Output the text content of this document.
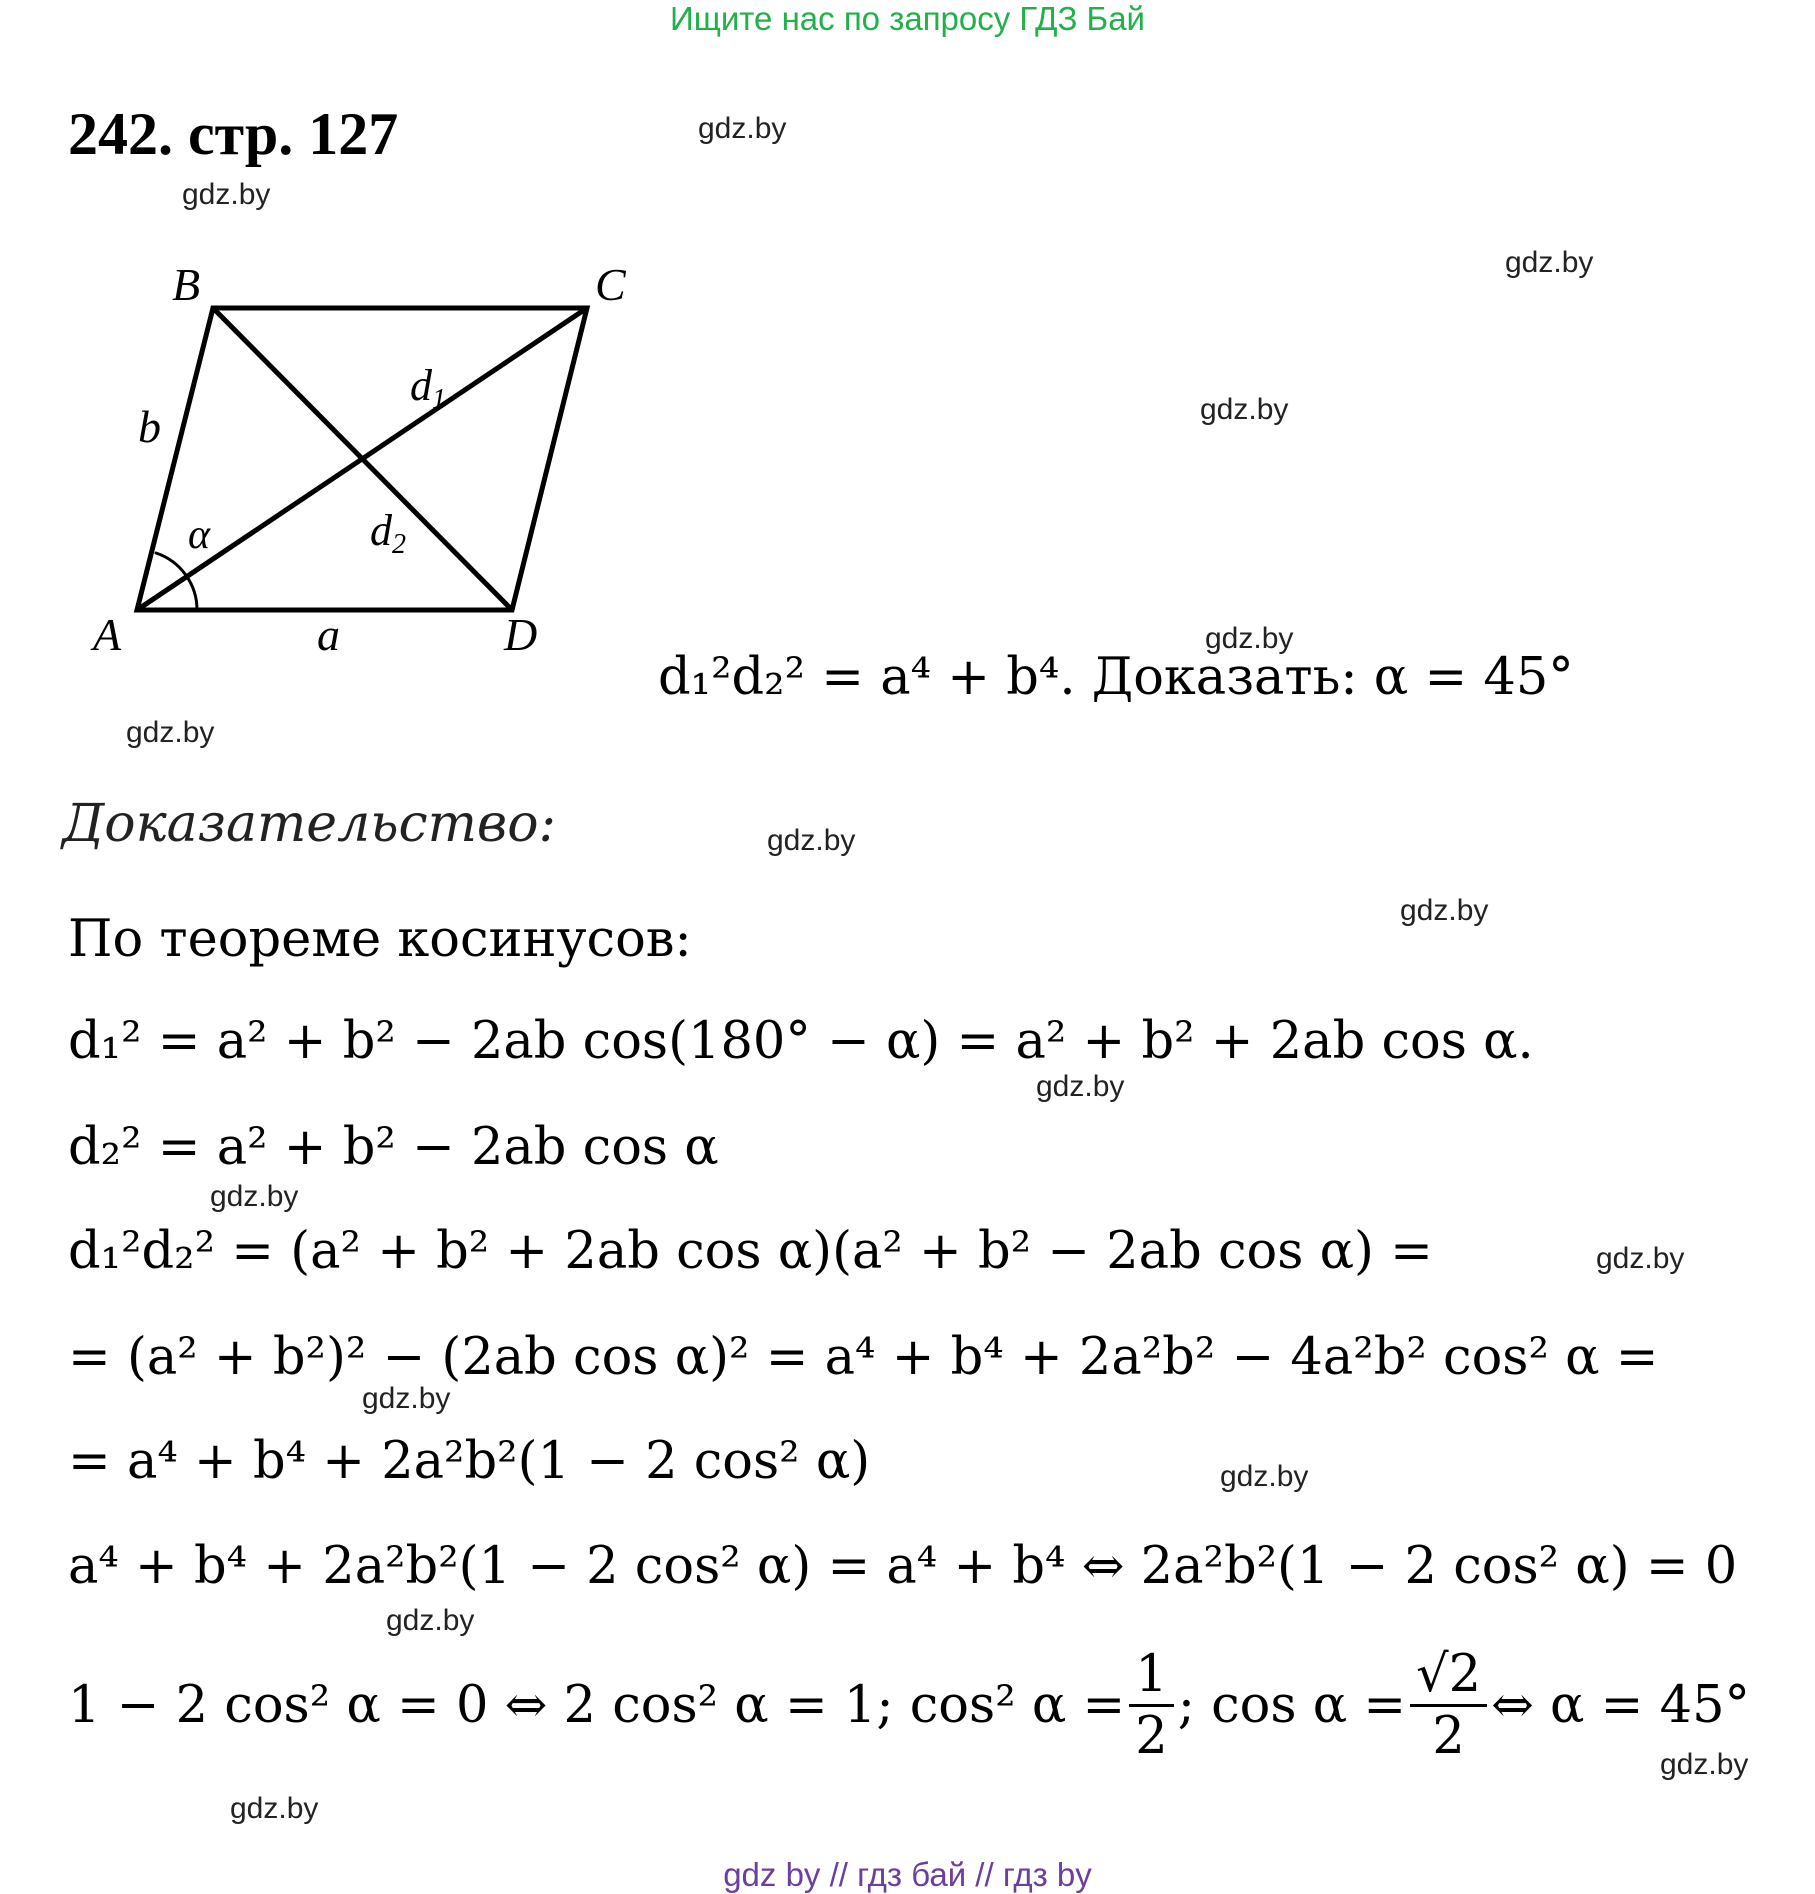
Ищите нас по запросу ГДЗ Бай
242. стр. 127
B	C
A	D
b
a
α
d1
d2
d₁²d₂² = a⁴ + b⁴. Доказать: α = 45°
Доказательство:
По теореме косинусов:
d₁² = a² + b² − 2ab cos(180° − α) = a² + b² + 2ab cos α.
d₂² = a² + b² − 2ab cos α
d₁²d₂² = (a² + b² + 2ab cos α)(a² + b² − 2ab cos α) =
= (a² + b²)² − (2ab cos α)² = a⁴ + b⁴ + 2a²b² − 4a²b² cos² α =
= a⁴ + b⁴ + 2a²b²(1 − 2 cos² α)
a⁴ + b⁴ + 2a²b²(1 − 2 cos² α) = a⁴ + b⁴ ⇔ 2a²b²(1 − 2 cos² α) = 0
1 − 2 cos² α = 0 ⇔ 2 cos² α = 1; cos² $\alpha = \frac{1}{2}$ ; $\cos \alpha = \frac{√2}{2}$ ⇔ α = 45°
gdz.by
gdz.by
gdz.by
gdz.by
gdz.by
gdz.by
gdz.by
gdz.by
gdz.by
gdz.by
gdz.by
gdz.by
gdz.by
gdz.by
gdz.by
gdz.by
gdz by // гдз бай // гдз by
